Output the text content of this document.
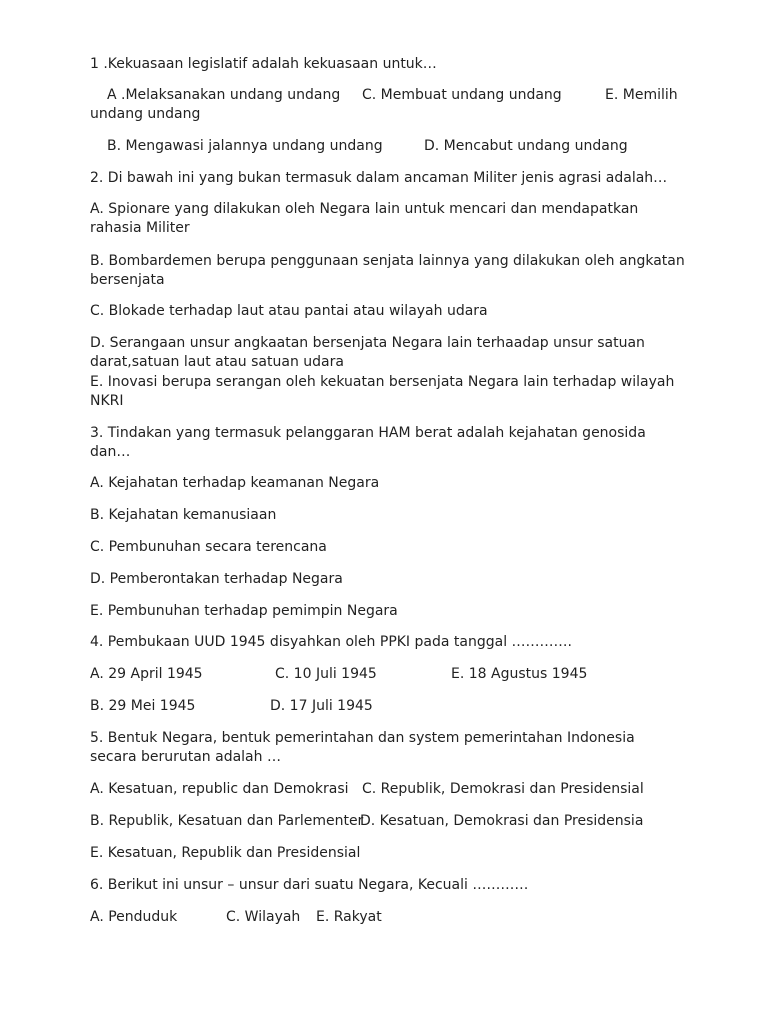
1 .Kekuasaan legislatif adalah kekuasaan untuk…
A .Melaksanakan undang undang C. Membuat undang undang	E. Memilih
undang undang
B. Mengawasi jalannya undang undang	D. Mencabut undang undang
2. Di bawah ini yang bukan termasuk dalam ancaman Militer jenis agrasi adalah…
A. Spionare yang dilakukan oleh Negara lain untuk mencari dan mendapatkan
rahasia Militer
B. Bombardemen berupa penggunaan senjata lainnya yang dilakukan oleh angkatan
bersenjata
C. Blokade terhadap laut atau pantai atau wilayah udara
D. Serangaan unsur angkaatan bersenjata Negara lain terhaadap unsur satuan
darat,satuan laut atau satuan udara
E. Inovasi berupa serangan oleh kekuatan bersenjata Negara lain terhadap wilayah
NKRI
3. Tindakan yang termasuk pelanggaran HAM berat adalah kejahatan genosida
dan…
A. Kejahatan terhadap keamanan Negara
B. Kejahatan kemanusiaan
C. Pembunuhan secara terencana
D. Pemberontakan terhadap Negara
E. Pembunuhan terhadap pemimpin Negara
4. Pembukaan UUD 1945 disyahkan oleh PPKI pada tanggal ………….
A. 29 April 1945	C. 10 Juli 1945	E. 18 Agustus 1945
B. 29 Mei 1945	D. 17 Juli 1945
5. Bentuk Negara, bentuk pemerintahan dan system pemerintahan Indonesia
secara berurutan adalah …
A. Kesatuan, republic dan Demokrasi C. Republik, Demokrasi dan Presidensial
B. Republik, Kesatuan dan Parlementer
D. Kesatuan, Demokrasi dan Presidensia
E. Kesatuan, Republik dan Presidensial
6. Berikut ini unsur – unsur dari suatu Negara, Kecuali …………
A. Penduduk	C. Wilayah E. Rakyat
